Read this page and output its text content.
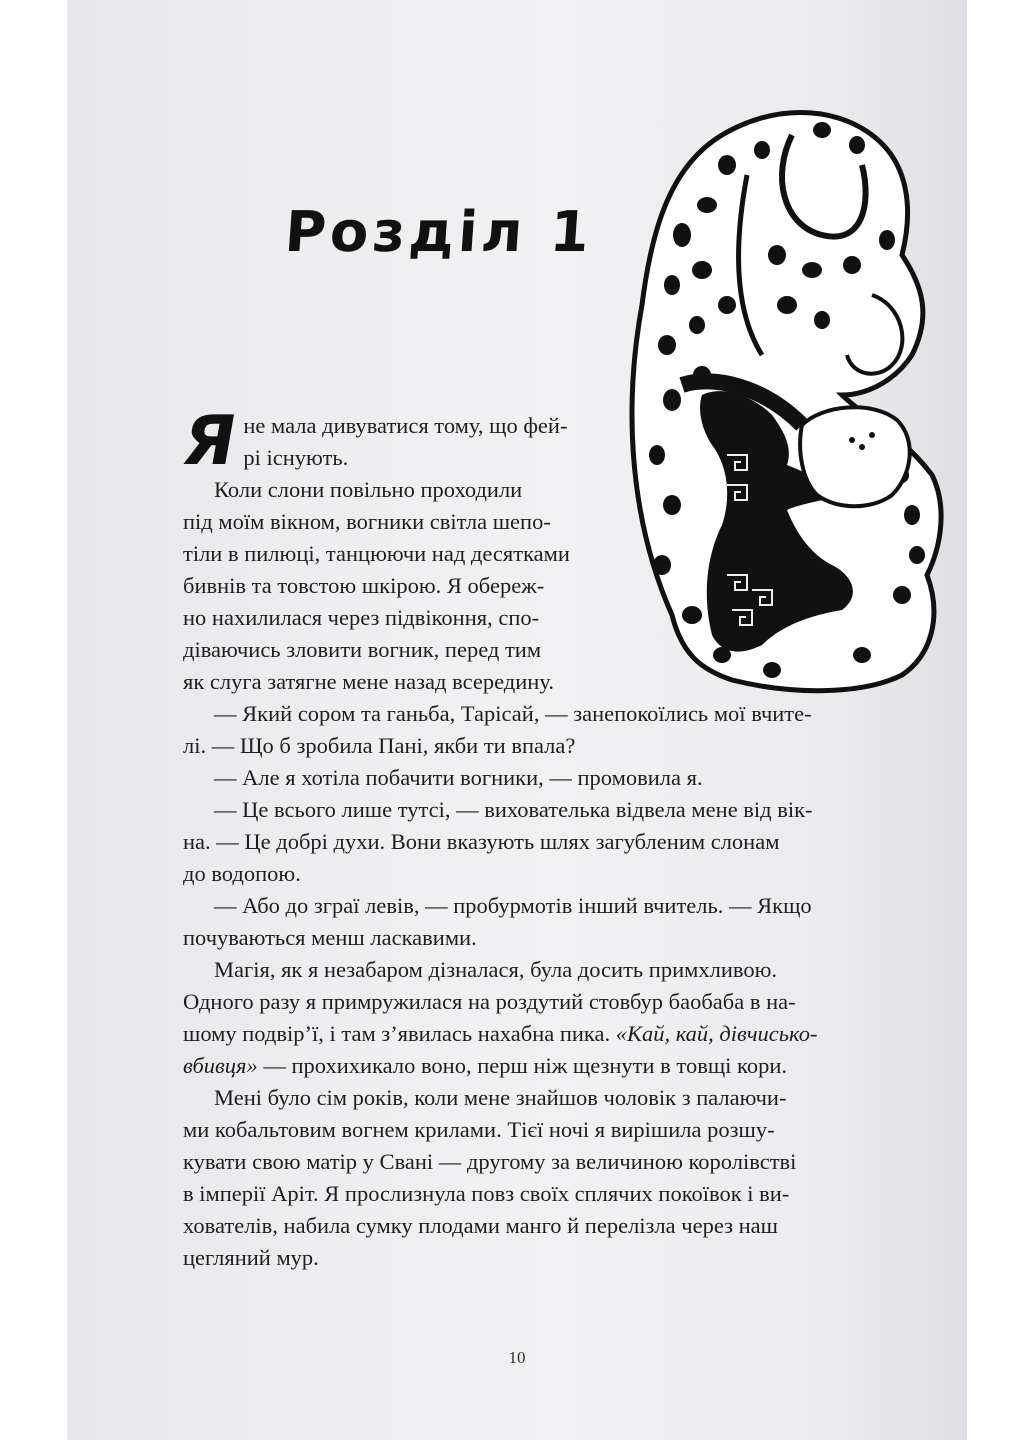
Розділ 1
Я не мала дивуватися тому, що фей-
рі існують.
Коли слони повільно проходили
під моїм вікном, вогники світла шепо-
тіли в пилюці, танцюючи над десятками
бивнів та товстою шкірою. Я обереж-
но нахилилася через підвіконня, спо-
діваючись зловити вогник, перед тим
як слуга затягне мене назад всередину.
— Який сором та ганьба, Тарісай, — занепокоїлись мої вчите-
лі. — Що б зробила Пані, якби ти впала?
— Але я хотіла побачити вогники, — промовила я.
— Це всього лише тутсі, — вихователька відвела мене від вік-
на. — Це добрі духи. Вони вказують шлях загубленим слонам
до водопою.
— Або до зграї левів, — пробурмотів інший вчитель. — Якщо
почуваються менш ласкавими.
Магія, як я незабаром дізналася, була досить примхливою.
Одного разу я примружилася на роздутий стовбур баобаба в на-
шому подвір’ї, і там з’явилась нахабна пика. «Кай, кай, дівчисько-
вбивця» — прохихикало воно, перш ніж щезнути в товщі кори.
Мені було сім років, коли мене знайшов чоловік з палаючи-
ми кобальтовим вогнем крилами. Тієї ночі я вирішила розшу-
кувати свою матір у Свані — другому за величиною королівстві
в імперії Аріт. Я прослизнула повз своїх сплячих покоївок і ви-
хователів, набила сумку плодами манго й перелізла через наш
цегляний мур.
10
